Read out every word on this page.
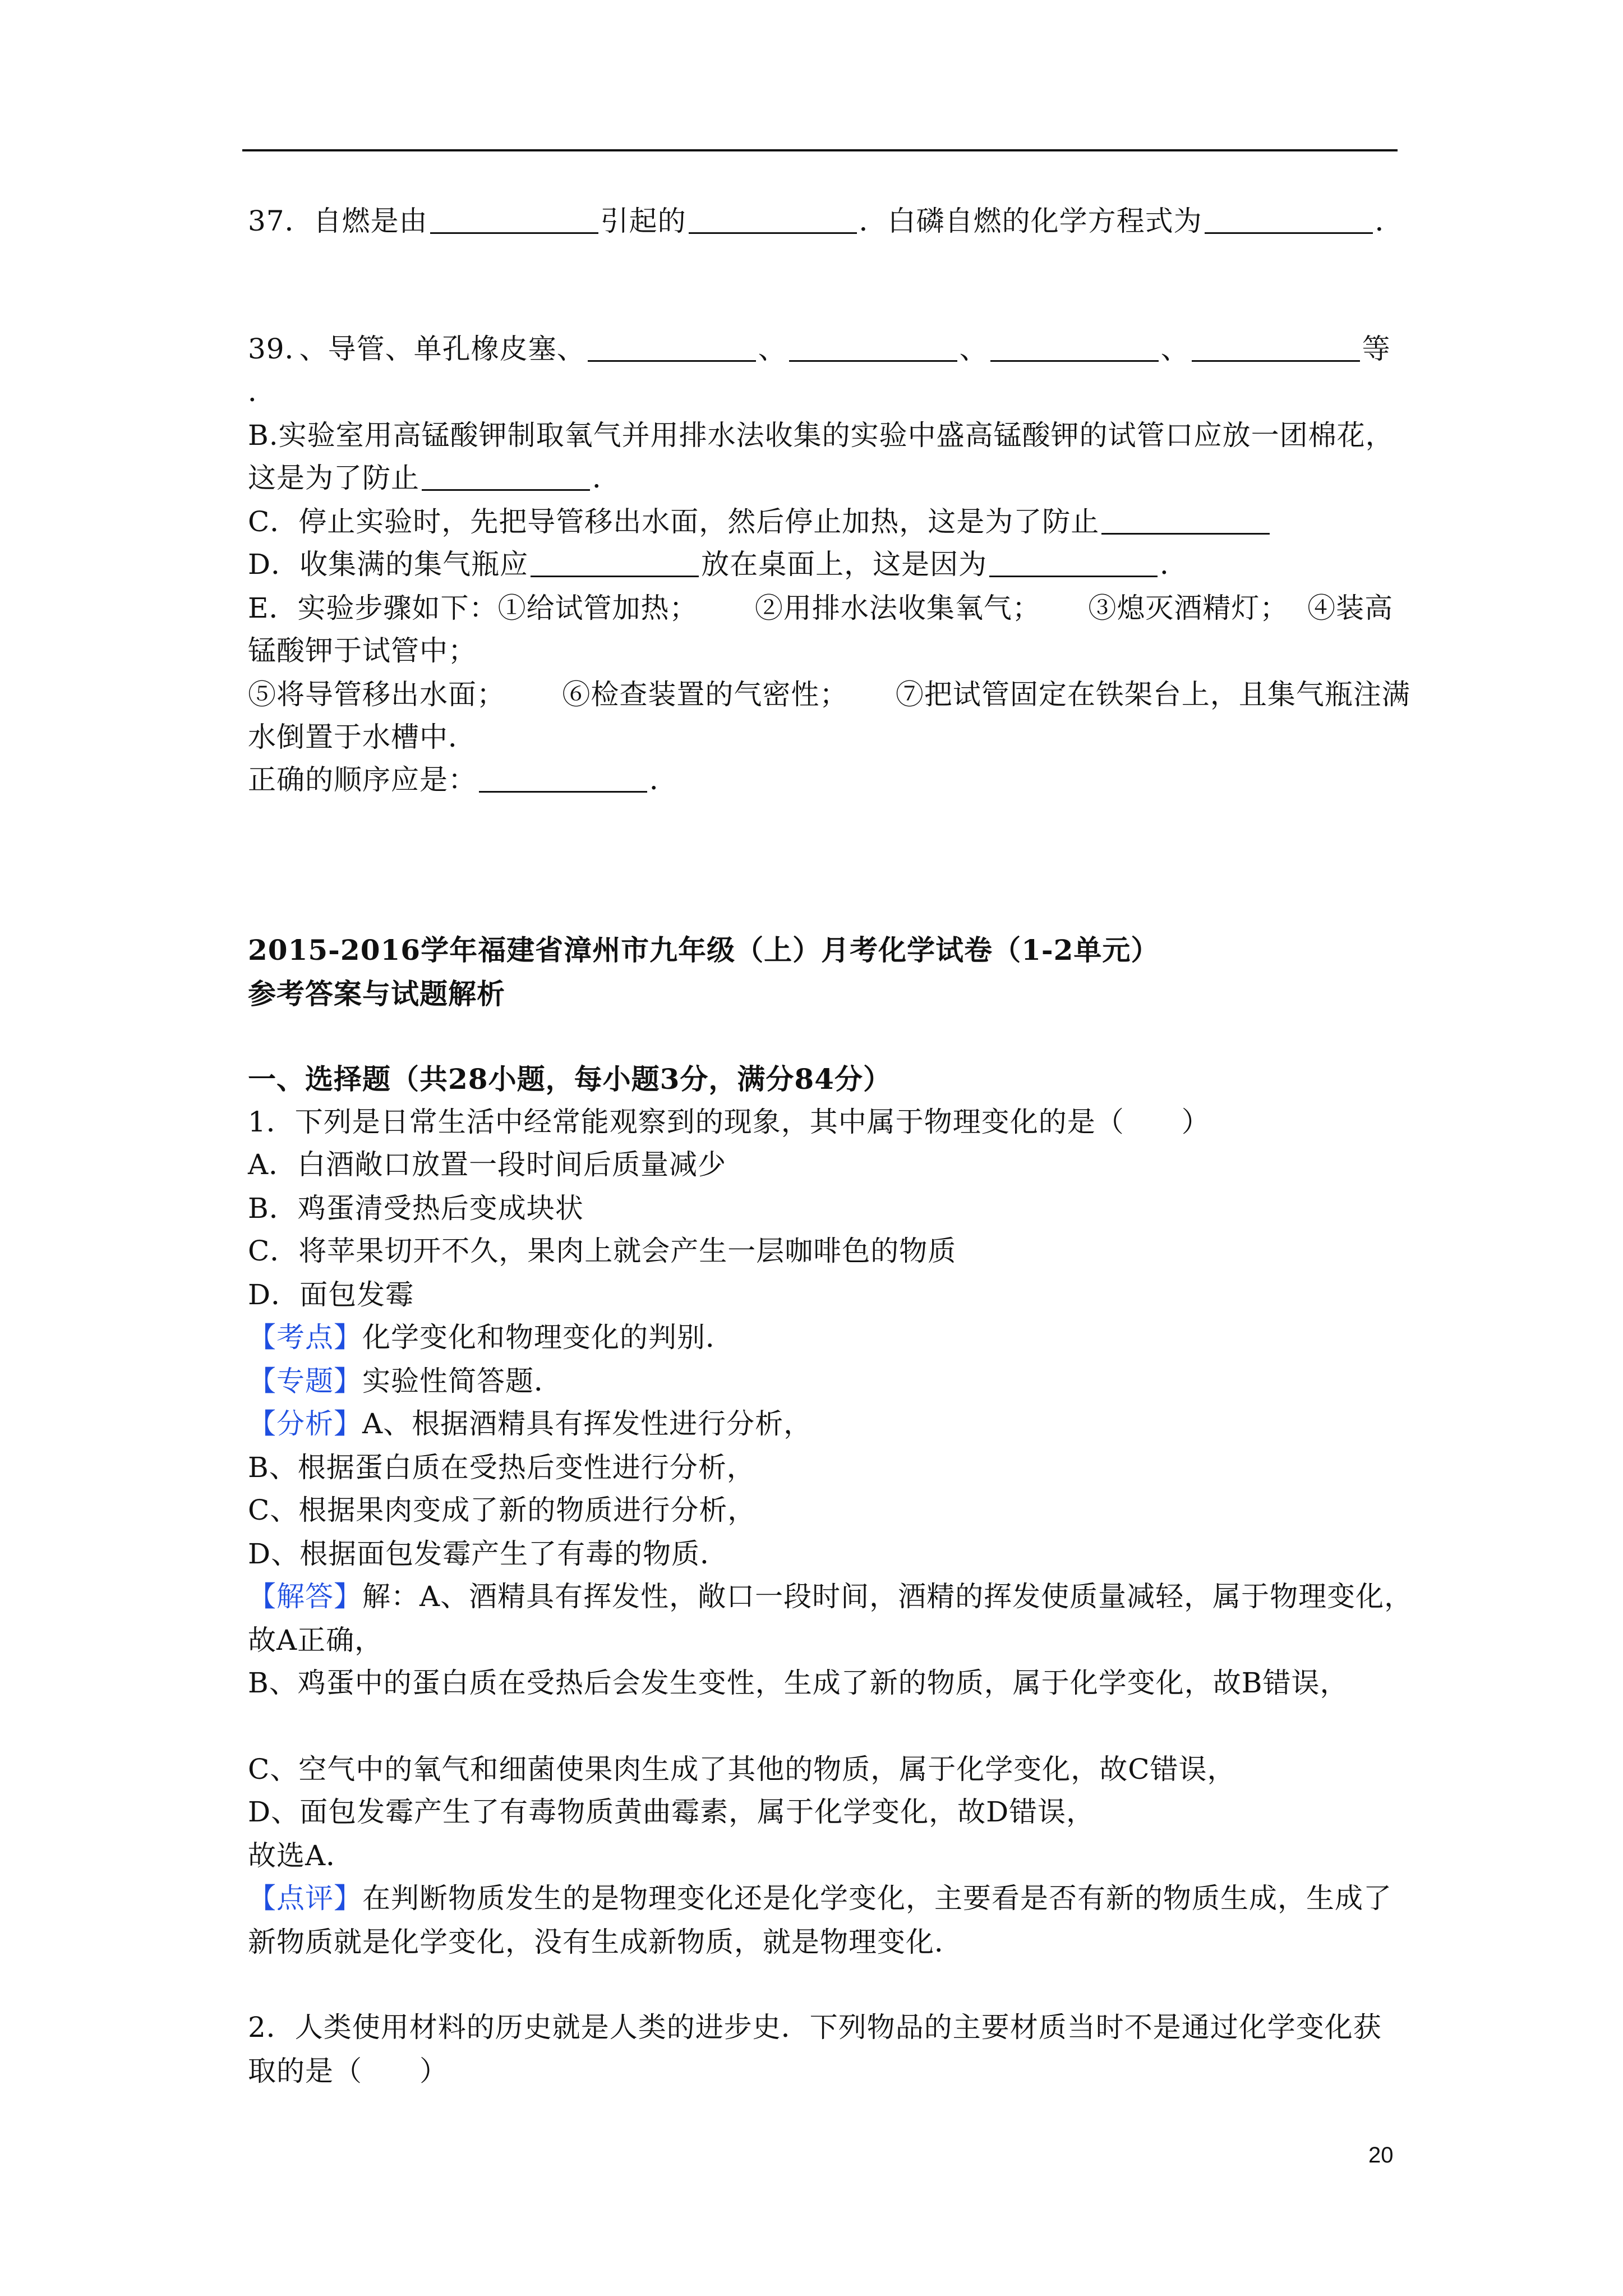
37．自燃是由	引起的	．白磷自燃的化学方程式为	．
39．、导管、单孔橡皮塞、	、	、	、	等
．
B.实验室用高锰酸钾制取氧气并用排水法收集的实验中盛高锰酸钾的试管口应放一团棉花，
这是为了防止	．
C．停止实验时，先把导管移出水面，然后停止加热，这是为了防止
D．收集满的集气瓶应	放在桌面上，这是因为	．
E．实验步骤如下：①给试管加热；      ②用排水法收集氧气；     ③熄灭酒精灯；  ④装高
锰酸钾于试管中；
⑤将导管移出水面；      ⑥检查装置的气密性；     ⑦把试管固定在铁架台上，且集气瓶注满
水倒置于水槽中．
正确的顺序应是：	．
2015-2016学年福建省漳州市九年级（上）月考化学试卷（1-2单元）
参考答案与试题解析
一、选择题（共28小题，每小题3分，满分84分）
1．下列是日常生活中经常能观察到的现象，其中属于物理变化的是（　　）
A．白酒敞口放置一段时间后质量减少
B．鸡蛋清受热后变成块状
C．将苹果切开不久，果肉上就会产生一层咖啡色的物质
D．面包发霉
【考点】化学变化和物理变化的判别．
【专题】实验性简答题．
【分析】A、根据酒精具有挥发性进行分析，
B、根据蛋白质在受热后变性进行分析，
C、根据果肉变成了新的物质进行分析，
D、根据面包发霉产生了有毒的物质．
【解答】解：A、酒精具有挥发性，敞口一段时间，酒精的挥发使质量减轻，属于物理变化，
故A正确，
B、鸡蛋中的蛋白质在受热后会发生变性，生成了新的物质，属于化学变化，故B错误，
C、空气中的氧气和细菌使果肉生成了其他的物质，属于化学变化，故C错误，
D、面包发霉产生了有毒物质黄曲霉素，属于化学变化，故D错误，
故选A．
【点评】在判断物质发生的是物理变化还是化学变化，主要看是否有新的物质生成，生成了
新物质就是化学变化，没有生成新物质，就是物理变化．
2．人类使用材料的历史就是人类的进步史．下列物品的主要材质当时不是通过化学变化获
取的是（　　）
20
